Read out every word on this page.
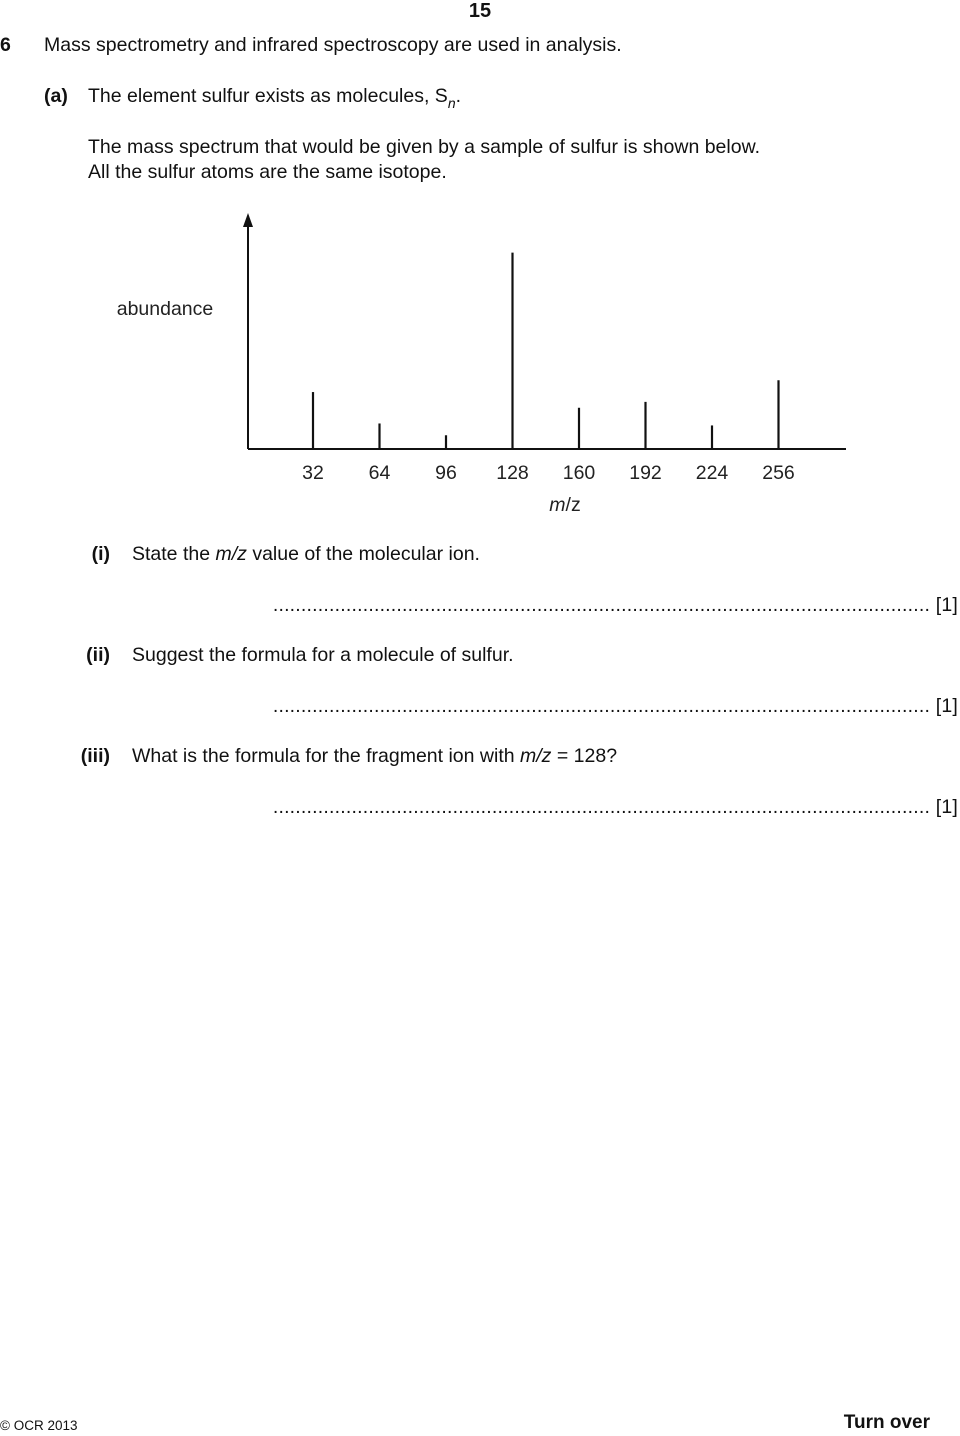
15
6 Mass spectrometry and infrared spectroscopy are used in analysis.
(a) The element sulfur exists as molecules, $S_n$.
The mass spectrum that would be given by a sample of sulfur is shown below.
All the sulfur atoms are the same isotope.
32 64 96 128 160 192 224 256
m/z
abundance
(i) State the m/z value of the molecular ion.
..................................................................................................................... [1]
(ii) Suggest the formula for a molecule of sulfur.
..................................................................................................................... [1]
(iii) What is the formula for the fragment ion with m/z = 128?
..................................................................................................................... [1]
© OCR 2013	Turn over
